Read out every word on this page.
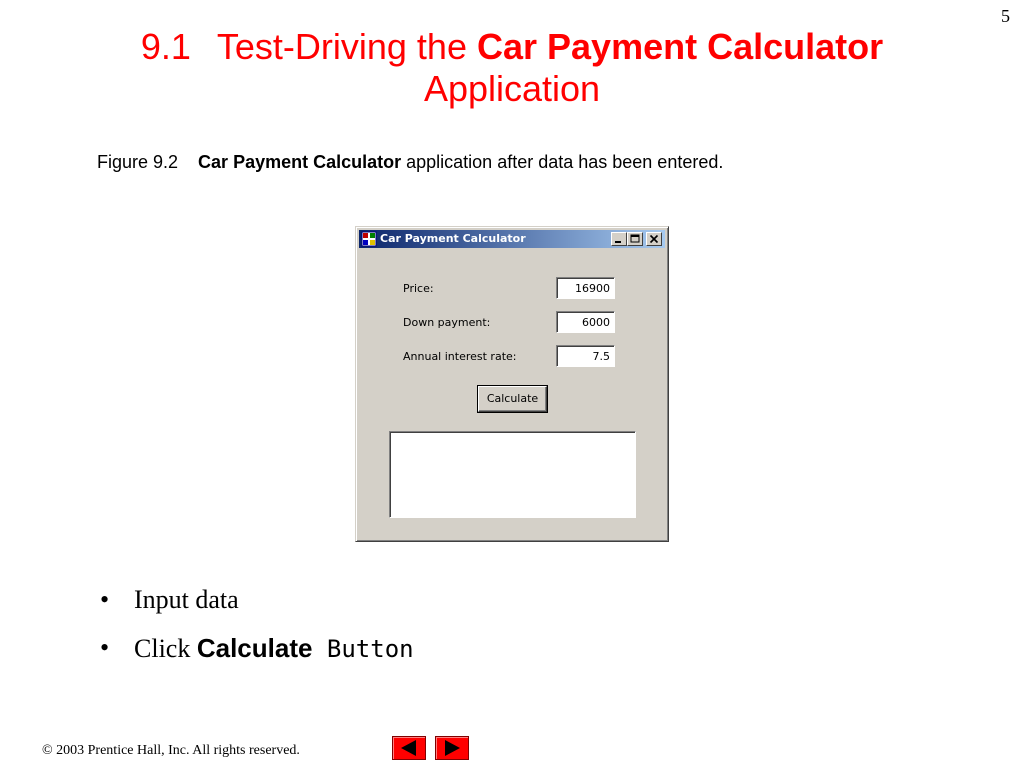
5
9.1 Test-Driving the Car Payment Calculator
Application
Figure 9.2 Car Payment Calculator application after data has been entered.
Car Payment Calculator
Price:	16900
Down payment:	6000
Annual interest rate:	7.5
Calculate
• Input data
• Click Calculate Button
© 2003 Prentice Hall, Inc. All rights reserved.
